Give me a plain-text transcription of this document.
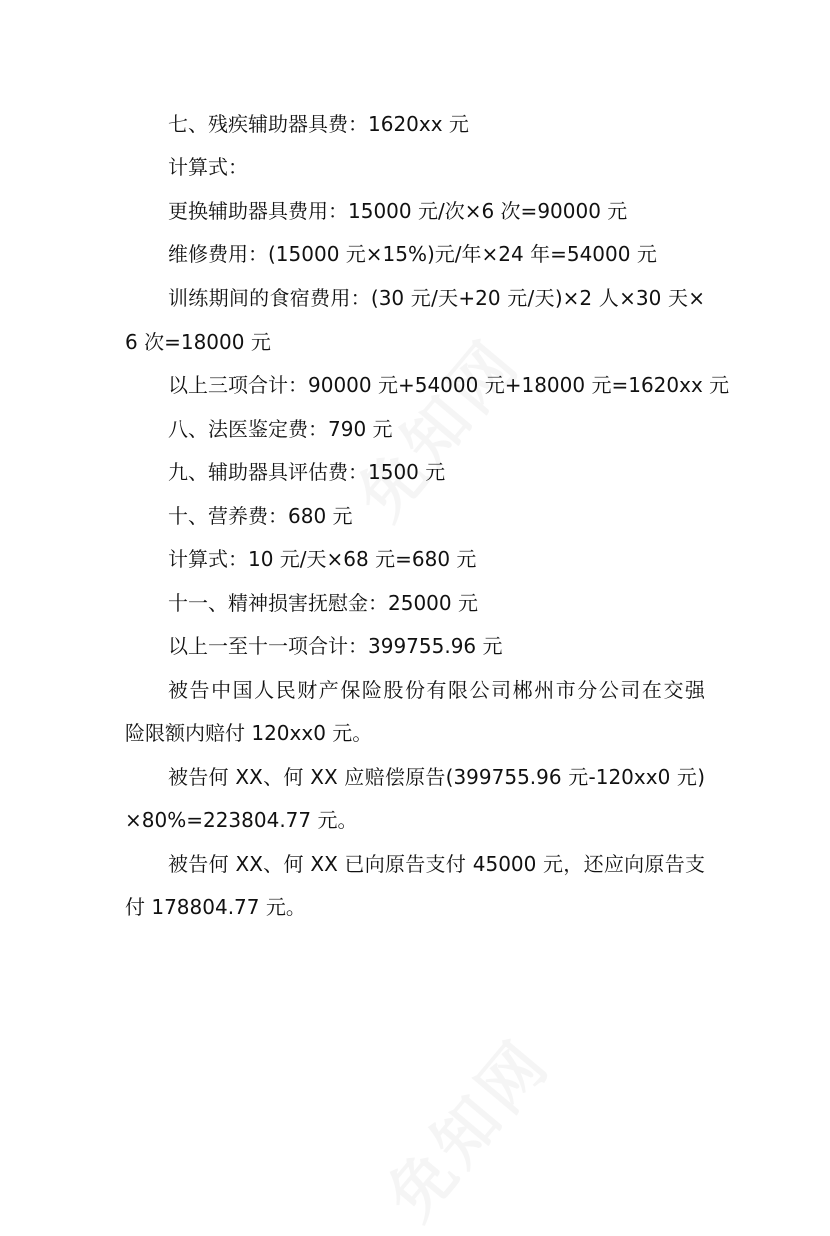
七、残疾辅助器具费：1620xx 元
计算式：
更换辅助器具费用：15000 元/次×6 次=90000 元
维修费用：(15000 元×15%)元/年×24 年=54000 元
训练期间的食宿费用：(30 元/天+20 元/天)×2 人×30 天×
6 次=18000 元
以上三项合计：90000 元+54000 元+18000 元=1620xx 元
八、法医鉴定费：790 元
九、辅助器具评估费：1500 元
十、营养费：680 元
计算式：10 元/天×68 元=680 元
十一、精神损害抚慰金：25000 元
以上一至十一项合计：399755.96 元
被告中国人民财产保险股份有限公司郴州市分公司在交强
险限额内赔付 120xx0 元。
被告何 XX、何 XX 应赔偿原告(399755.96 元-120xx0 元)
×80%=223804.77 元。
被告何 XX、何 XX 已向原告支付 45000 元，还应向原告支
付 178804.77 元。
